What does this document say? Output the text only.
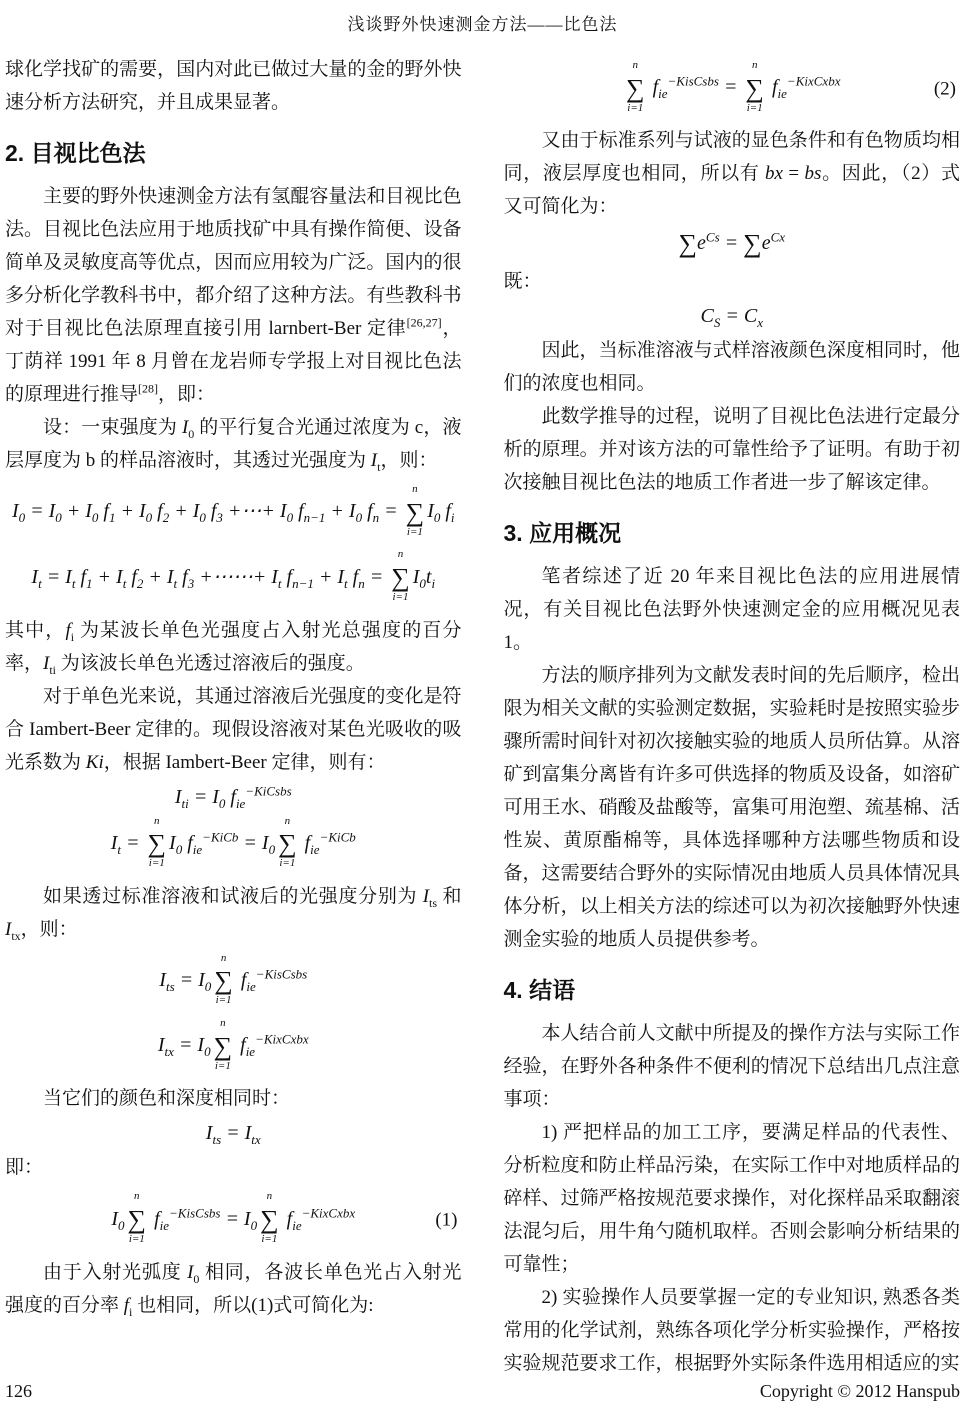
浅谈野外快速测金方法——比色法

球化学找矿的需要，国内对此已做过大量的金的野外快速分析方法研究，并且成果显著。

2. 目视比色法

主要的野外快速测金方法有氢醌容量法和目视比色法。目视比色法应用于地质找矿中具有操作简便、设备简单及灵敏度高等优点，因而应用较为广泛。国内的很多分析化学教科书中，都介绍了这种方法。有些教科书对于目视比色法原理直接引用 larnbert-Ber 定律[26,27]，丁荫祥 1991 年 8 月曾在龙岩师专学报上对目视比色法的原理进行推导[28]，即：

设：一束强度为 $I_0$ 的平行复合光通过浓度为 c，液层厚度为 b 的样品溶液时，其透过光强度为 $I_t$，则：

$I_0 = I_0 + I_0$ $f_1 + I_0$ $f_2 + I_0$ $f_3$ +⋯+ $I_0$ $f_{n-1} + I_0$ $f_n$ =
n
∑
i=1
$I_0$ $f_i$
$I_t = I_t$ $f_1 + I_t$ $f_2 + I_t$ $f_3$ +⋯⋯+ $I_t$ $f_{n-1} + I_t$ $f_n$ =
n
∑
i=1
$I_0t_i$

其中，$f_i$ 为某波长单色光强度占入射光总强度的百分率，$I_{ti}$ 为该波长单色光透过溶液后的强度。

对于单色光来说，其通过溶液后光强度的变化是符合 Iambert-Beer 定律的。现假设溶液对某色光吸收的吸光系数为 Ki，根据 Iambert-Beer 定律，则有：

$I_{ti} = I_0$ $f_{ie}^{-KiCsbs}$
$I_t$ =
n
∑
i=1
$I_0$ $f_{ie}^{-KiCb} = I_0$
n
∑
i=1
$f_{ie}^{-KiCb}$

如果透过标准溶液和试液后的光强度分别为 $I_{ts}$ 和 $I_{tx}$，则：

$I_{ts} = I_0$
n
∑
i=1
$f_{ie}^{-KisCsbs}$
$I_{tx} = I_0$
n
∑
i=1
$f_{ie}^{-KixCxbx}$

当它们的颜色和深度相同时：

$I_{ts} = I_{tx}$

即：

$I_0$
n
∑
i=1
$f_{ie}^{-KisCsbs} = I_0$
n
∑
i=1
$f_{ie}^{-KixCxbx}$	(1)

由于入射光弧度 $I_0$ 相同，各波长单色光占入射光强度的百分率 $f_i$ 也相同，所以(1)式可简化为:

n
∑
i=1
$f_{ie}^{-KisCsbs}$ =
n
∑
i=1
$f_{ie}^{-KixCxbx}$	(2)

又由于标准系列与试液的显色条件和有色物质均相同，液层厚度也相同，所以有 bx = bs。因此，（2）式又可简化为：

$\sum e^{Cs} = \sum e^{Cx}$

既：

$C_S = C_x$

因此，当标准溶液与式样溶液颜色深度相同时，他们的浓度也相同。

此数学推导的过程，说明了目视比色法进行定最分析的原理。并对该方法的可靠性给予了证明。有助于初次接触目视比色法的地质工作者进一步了解该定律。

3. 应用概况

笔者综述了近 20 年来目视比色法的应用进展情况，有关目视比色法野外快速测定金的应用概况见表 1。

方法的顺序排列为文献发表时间的先后顺序，检出限为相关文献的实验测定数据，实验耗时是按照实验步骤所需时间针对初次接触实验的地质人员所估算。从溶矿到富集分离皆有许多可供选择的物质及设备，如溶矿可用王水、硝酸及盐酸等，富集可用泡塑、巯基棉、活性炭、黄原酯棉等，具体选择哪种方法哪些物质和设备，这需要结合野外的实际情况由地质人员具体情况具体分析，以上相关方法的综述可以为初次接触野外快速测金实验的地质人员提供参考。

4. 结语

本人结合前人文献中所提及的操作方法与实际工作经验，在野外各种条件不便利的情况下总结出几点注意事项：

1) 严把样品的加工工序，要满足样品的代表性、分析粒度和防止样品污染，在实际工作中对地质样品的碎样、过筛严格按规范要求操作，对化探样品采取翻滚法混匀后，用牛角勺随机取样。否则会影响分析结果的可靠性；

2) 实验操作人员要掌握一定的专业知识, 熟悉各类常用的化学试剂，熟练各项化学分析实验操作，严格按实验规范要求工作，根据野外实际条件选用相适应的实

126	Copyright © 2012 Hanspub
